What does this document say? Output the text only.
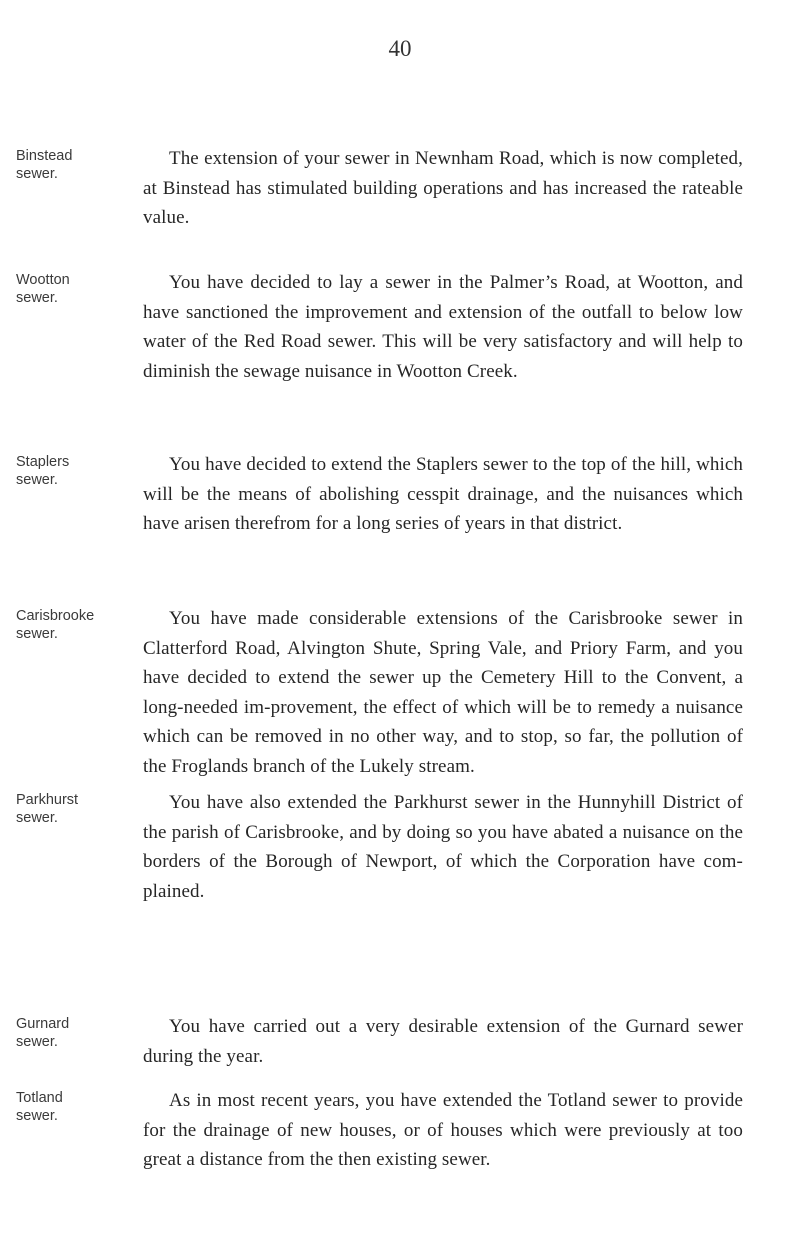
40
Binstead
sewer.

The extension of your sewer in Newnham Road, which is now completed, at Binstead has stimulated building operations and has increased the rateable value.

Wootton
sewer.

You have decided to lay a sewer in the Palmer’s Road, at Wootton, and have sanctioned the improvement and extension of the outfall to below low water of the Red Road sewer. This will be very satisfactory and will help to diminish the sewage nuisance in Wootton Creek.

Staplers
sewer.

You have decided to extend the Staplers sewer to the top of the hill, which will be the means of abolishing cesspit drainage, and the nuisances which have arisen therefrom for a long series of years in that district.

Carisbrooke
sewer.

You have made considerable extensions of the Carisbrooke sewer in Clatterford Road, Alvington Shute, Spring Vale, and Priory Farm, and you have decided to extend the sewer up the Cemetery Hill to the Convent, a long-needed im-provement, the effect of which will be to remedy a nuisance which can be removed in no other way, and to stop, so far, the pollution of the Froglands branch of the Lukely stream.

Parkhurst
sewer.

You have also extended the Parkhurst sewer in the Hunnyhill District of the parish of Carisbrooke, and by doing so you have abated a nuisance on the borders of the Borough of Newport, of which the Corporation have com-plained.

Gurnard
sewer.

You have carried out a very desirable extension of the Gurnard sewer during the year.

Totland
sewer.

As in most recent years, you have extended the Totland sewer to provide for the drainage of new houses, or of houses which were previously at too great a distance from the then existing sewer.
